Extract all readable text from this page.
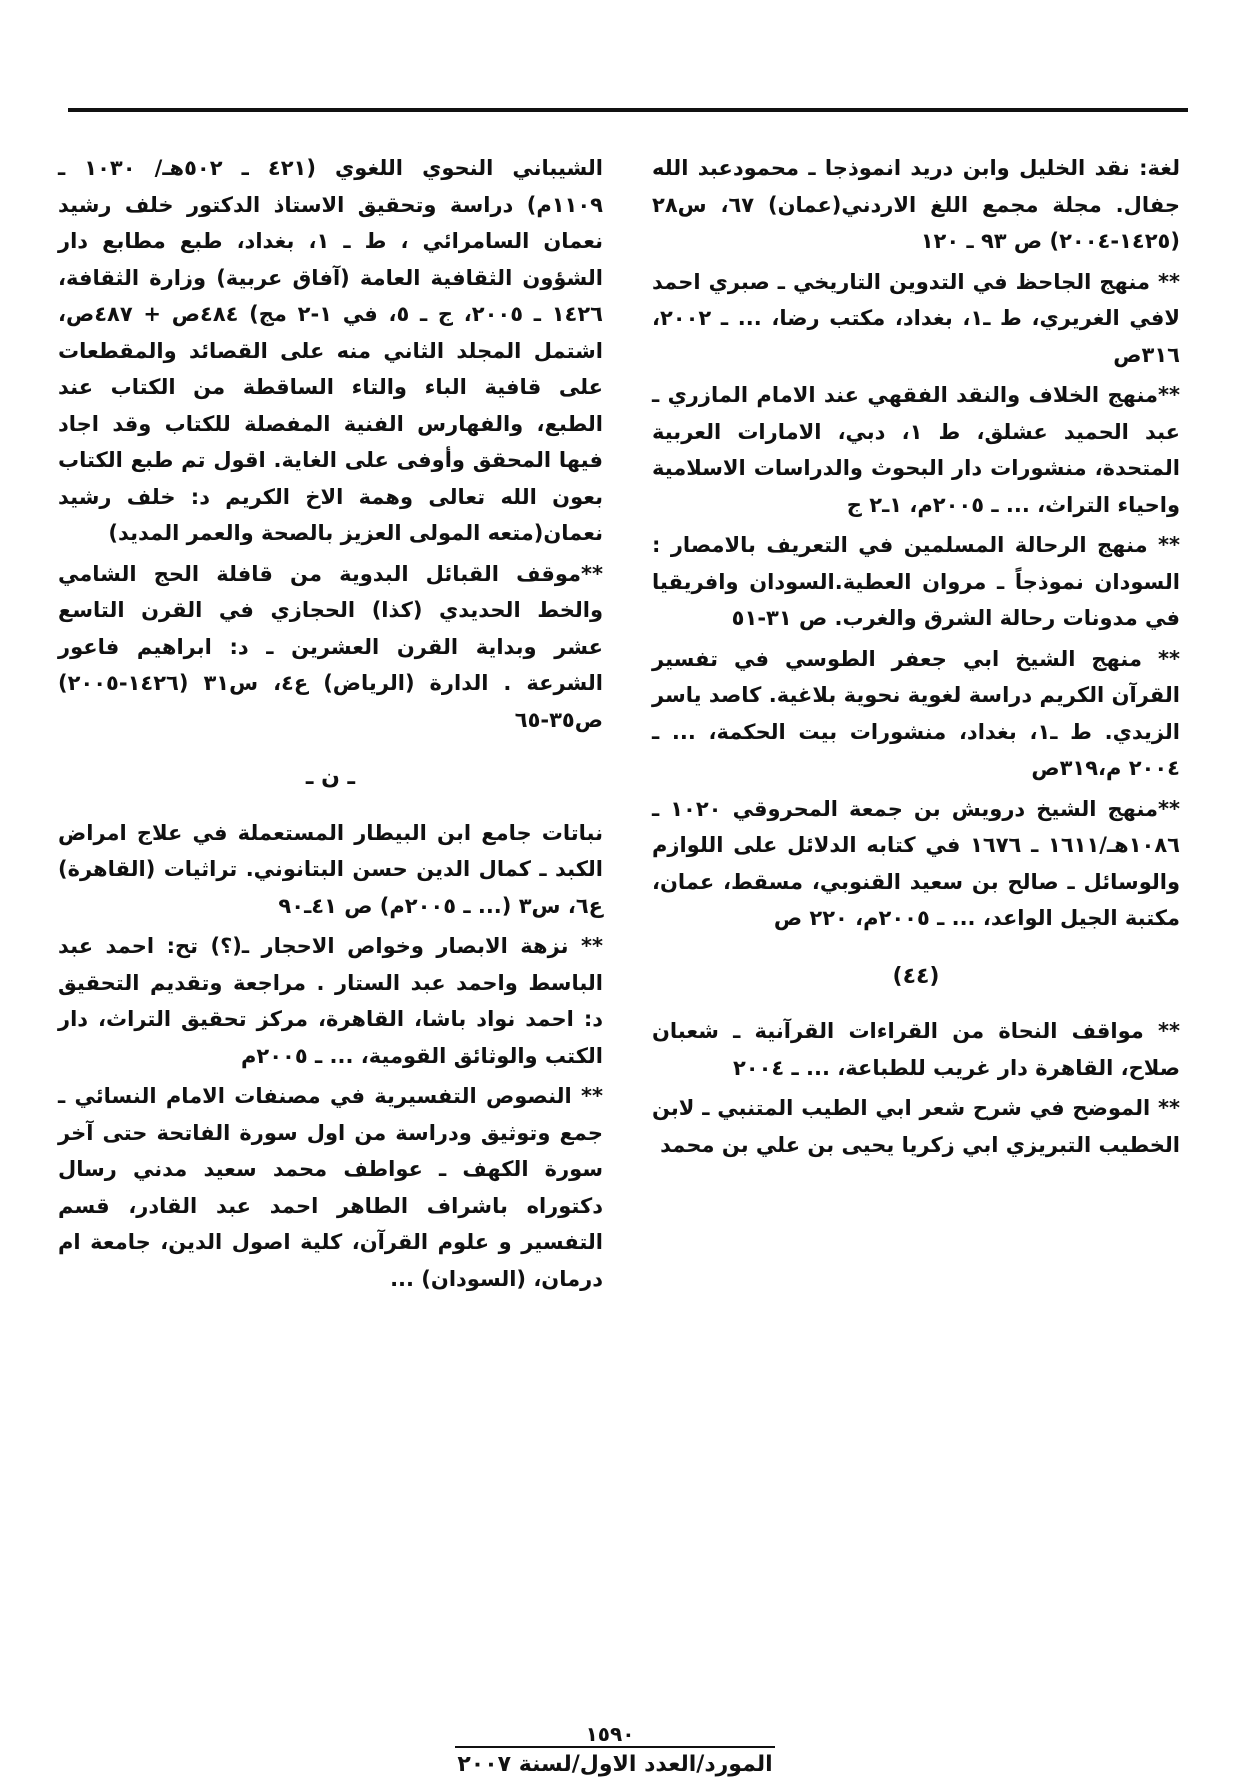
لغة: نقد الخليل وابن دريد انموذجا ـ محمودعبد الله جفال. مجلة مجمع اللغ الاردني(عمان) ٦٧، س٢٨ (١٤٢٥-٢٠٠٤) ص ٩٣ ـ ١٢٠

** منهج الجاحظ في التدوين التاريخي ـ صبري احمد لافي الغريري، ط ـ١، بغداد، مكتب رضا، ... ـ ٢٠٠٢، ٣١٦ص

**منهج الخلاف والنقد الفقهي عند الامام المازري ـ عبد الحميد عشلق، ط ١، دبي، الامارات العربية المتحدة، منشورات دار البحوث والدراسات الاسلامية واحياء التراث، ... ـ ٢٠٠٥م، ١ـ٢ ج

** منهج الرحالة المسلمين في التعريف بالامصار : السودان نموذجاً ـ مروان العطية.السودان وافريقيا في مدونات رحالة الشرق والغرب. ص ٣١-٥١

** منهج الشيخ ابي جعفر الطوسي في تفسير القرآن الكريم دراسة لغوية نحوية بلاغية. كاصد ياسر الزيدي. ط ـ١، بغداد، منشورات بيت الحكمة، ... ـ ٢٠٠٤ م،٣١٩ص

**منهج الشيخ درويش بن جمعة المحروقي ١٠٢٠ ـ ١٠٨٦هـ/١٦١١ ـ ١٦٧٦ في كتابه الدلائل على اللوازم والوسائل ـ صالح بن سعيد القنوبي، مسقط، عمان، مكتبة الجيل الواعد، ... ـ ٢٠٠٥م، ٢٢٠ ص

(٤٤)

** مواقف النحاة من القراءات القرآنية ـ شعبان صلاح، القاهرة دار غريب للطباعة، ... ـ ٢٠٠٤

** الموضح في شرح شعر ابي الطيب المتنبي ـ لابن الخطيب التبريزي ابي زكريا يحيى بن علي بن محمد

الشيباني النحوي اللغوي (٤٢١ ـ ٥٠٢هـ/ ١٠٣٠ ـ ١١٠٩م) دراسة وتحقيق الاستاذ الدكتور خلف رشيد نعمان السامرائي ، ط ـ ١، بغداد، طبع مطابع دار الشؤون الثقافية العامة (آفاق عربية) وزارة الثقافة، ١٤٢٦ ـ ٢٠٠٥، ج ـ ٥، في ١-٢ مج) ٤٨٤ص + ٤٨٧ص، اشتمل المجلد الثاني منه على القصائد والمقطعات على قافية الباء والتاء الساقطة من الكتاب عند الطبع، والفهارس الفنية المفصلة للكتاب وقد اجاد فيها المحقق وأوفى على الغاية. اقول تم طبع الكتاب بعون الله تعالى وهمة الاخ الكريم د: خلف رشيد نعمان(متعه المولى العزيز بالصحة والعمر المديد)

**موقف القبائل البدوية من قافلة الحج الشامي والخط الحديدي (كذا) الحجازي في القرن التاسع عشر وبداية القرن العشرين ـ د: ابراهيم فاعور الشرعة . الدارة (الرياض) ع٤، س٣١ (١٤٢٦-٢٠٠٥) ص٣٥-٦٥

ـ ن ـ

نباتات جامع ابن البيطار المستعملة في علاج امراض الكبد ـ كمال الدين حسن البتانوني. تراثيات (القاهرة) ع٦، س٣ (... ـ ٢٠٠٥م) ص ٤١ـ٩٠

** نزهة الابصار وخواص الاحجار ـ(؟) تح: احمد عبد الباسط واحمد عبد الستار . مراجعة وتقديم التحقيق د: احمد نواد باشا، القاهرة، مركز تحقيق التراث، دار الكتب والوثائق القومية، ... ـ ٢٠٠٥م

** النصوص التفسيرية في مصنفات الامام النسائي ـ جمع وتوثيق ودراسة من اول سورة الفاتحة حتى آخر سورة الكهف ـ عواطف محمد سعيد مدني رسال دكتوراه باشراف الطاهر احمد عبد القادر، قسم التفسير و علوم القرآن، كلية اصول الدين، جامعة ام درمان، (السودان) ...

١٥٩٠
المورد/العدد الاول/لسنة ٢٠٠٧
